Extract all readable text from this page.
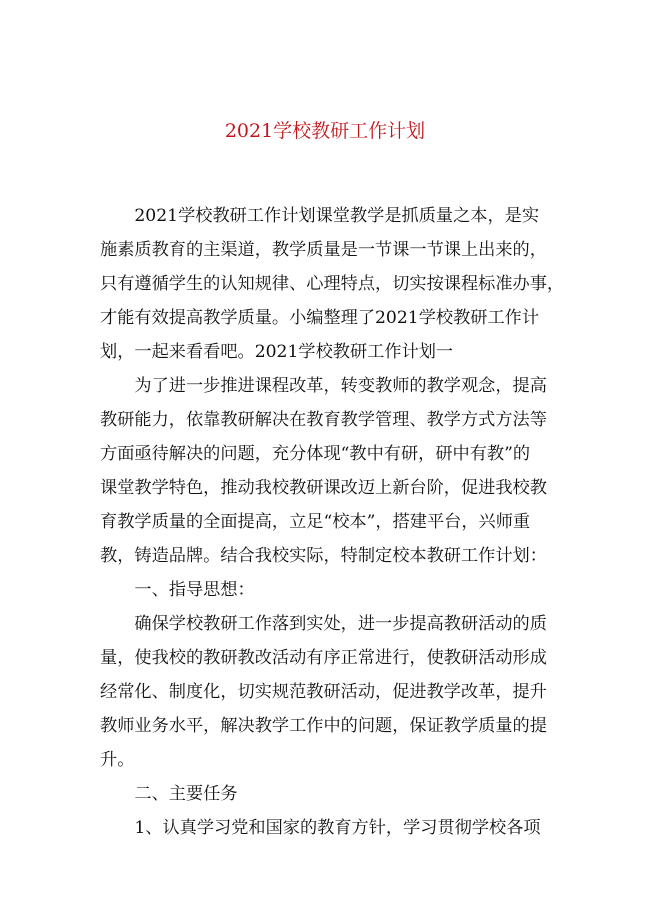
2021学校教研工作计划

　　2021学校教研工作计划课堂教学是抓质量之本，是实

施素质教育的主渠道，教学质量是一节课一节课上出来的，

只有遵循学生的认知规律、心理特点，切实按课程标准办事，

才能有效提高教学质量。小编整理了2021学校教研工作计

划，一起来看看吧。2021学校教研工作计划一

　　为了进一步推进课程改革，转变教师的教学观念，提高

教研能力，依靠教研解决在教育教学管理、教学方式方法等

方面亟待解决的问题，充分体现“教中有研，研中有教”的

课堂教学特色，推动我校教研课改迈上新台阶，促进我校教

育教学质量的全面提高，立足“校本”，搭建平台，兴师重

教，铸造品牌。结合我校实际，特制定校本教研工作计划：

　　一、指导思想：

　　确保学校教研工作落到实处，进一步提高教研活动的质

量，使我校的教研教改活动有序正常进行，使教研活动形成

经常化、制度化，切实规范教研活动，促进教学改革，提升

教师业务水平，解决教学工作中的问题，保证教学质量的提

升。

　　二、主要任务

　　1、认真学习党和国家的教育方针，学习贯彻学校各项
